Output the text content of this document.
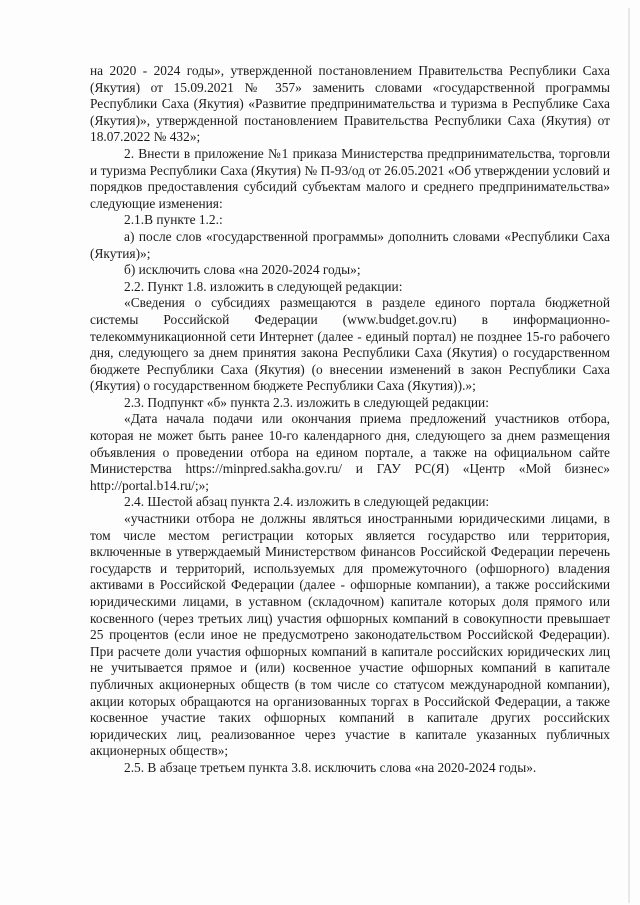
на 2020 - 2024 годы», утвержденной постановлением Правительства Республики Саха (Якутия) от 15.09.2021 № 357» заменить словами «государственной программы Республики Саха (Якутия) «Развитие предпринимательства и туризма в Республике Саха (Якутия)», утвержденной постановлением Правительства Республики Саха (Якутия) от 18.07.2022 № 432»;

2. Внести в приложение №1 приказа Министерства предпринимательства, торговли и туризма Республики Саха (Якутия) № П-93/од от 26.05.2021 «Об утверждении условий и порядков предоставления субсидий субъектам малого и среднего предпринимательства» следующие изменения:

2.1.В пункте 1.2.:

а) после слов «государственной программы» дополнить словами «Республики Саха (Якутия)»;

б) исключить слова «на 2020-2024 годы»;

2.2. Пункт 1.8. изложить в следующей редакции:

«Сведения о субсидиях размещаются в разделе единого портала бюджетной системы Российской Федерации (www.budget.gov.ru) в информационно-телекоммуникационной сети Интернет (далее - единый портал) не позднее 15-го рабочего дня, следующего за днем принятия закона Республики Саха (Якутия) о государственном бюджете Республики Саха (Якутия) (о внесении изменений в закон Республики Саха (Якутия) о государственном бюджете Республики Саха (Якутия)).»;

2.3. Подпункт «б» пункта 2.3. изложить в следующей редакции:

«Дата начала подачи или окончания приема предложений участников отбора, которая не может быть ранее 10-го календарного дня, следующего за днем размещения объявления о проведении отбора на едином портале, а также на официальном сайте Министерства https://minpred.sakha.gov.ru/ и ГАУ РС(Я) «Центр «Мой бизнес» http://portal.b14.ru/;»;

2.4. Шестой абзац пункта 2.4. изложить в следующей редакции:

«участники отбора не должны являться иностранными юридическими лицами, в том числе местом регистрации которых является государство или территория, включенные в утверждаемый Министерством финансов Российской Федерации перечень государств и территорий, используемых для промежуточного (офшорного) владения активами в Российской Федерации (далее - офшорные компании), а также российскими юридическими лицами, в уставном (складочном) капитале которых доля прямого или косвенного (через третьих лиц) участия офшорных компаний в совокупности превышает 25 процентов (если иное не предусмотрено законодательством Российской Федерации). При расчете доли участия офшорных компаний в капитале российских юридических лиц не учитывается прямое и (или) косвенное участие офшорных компаний в капитале публичных акционерных обществ (в том числе со статусом международной компании), акции которых обращаются на организованных торгах в Российской Федерации, а также косвенное участие таких офшорных компаний в капитале других российских юридических лиц, реализованное через участие в капитале указанных публичных акционерных обществ»;

2.5. В абзаце третьем пункта 3.8. исключить слова «на 2020-2024 годы».
